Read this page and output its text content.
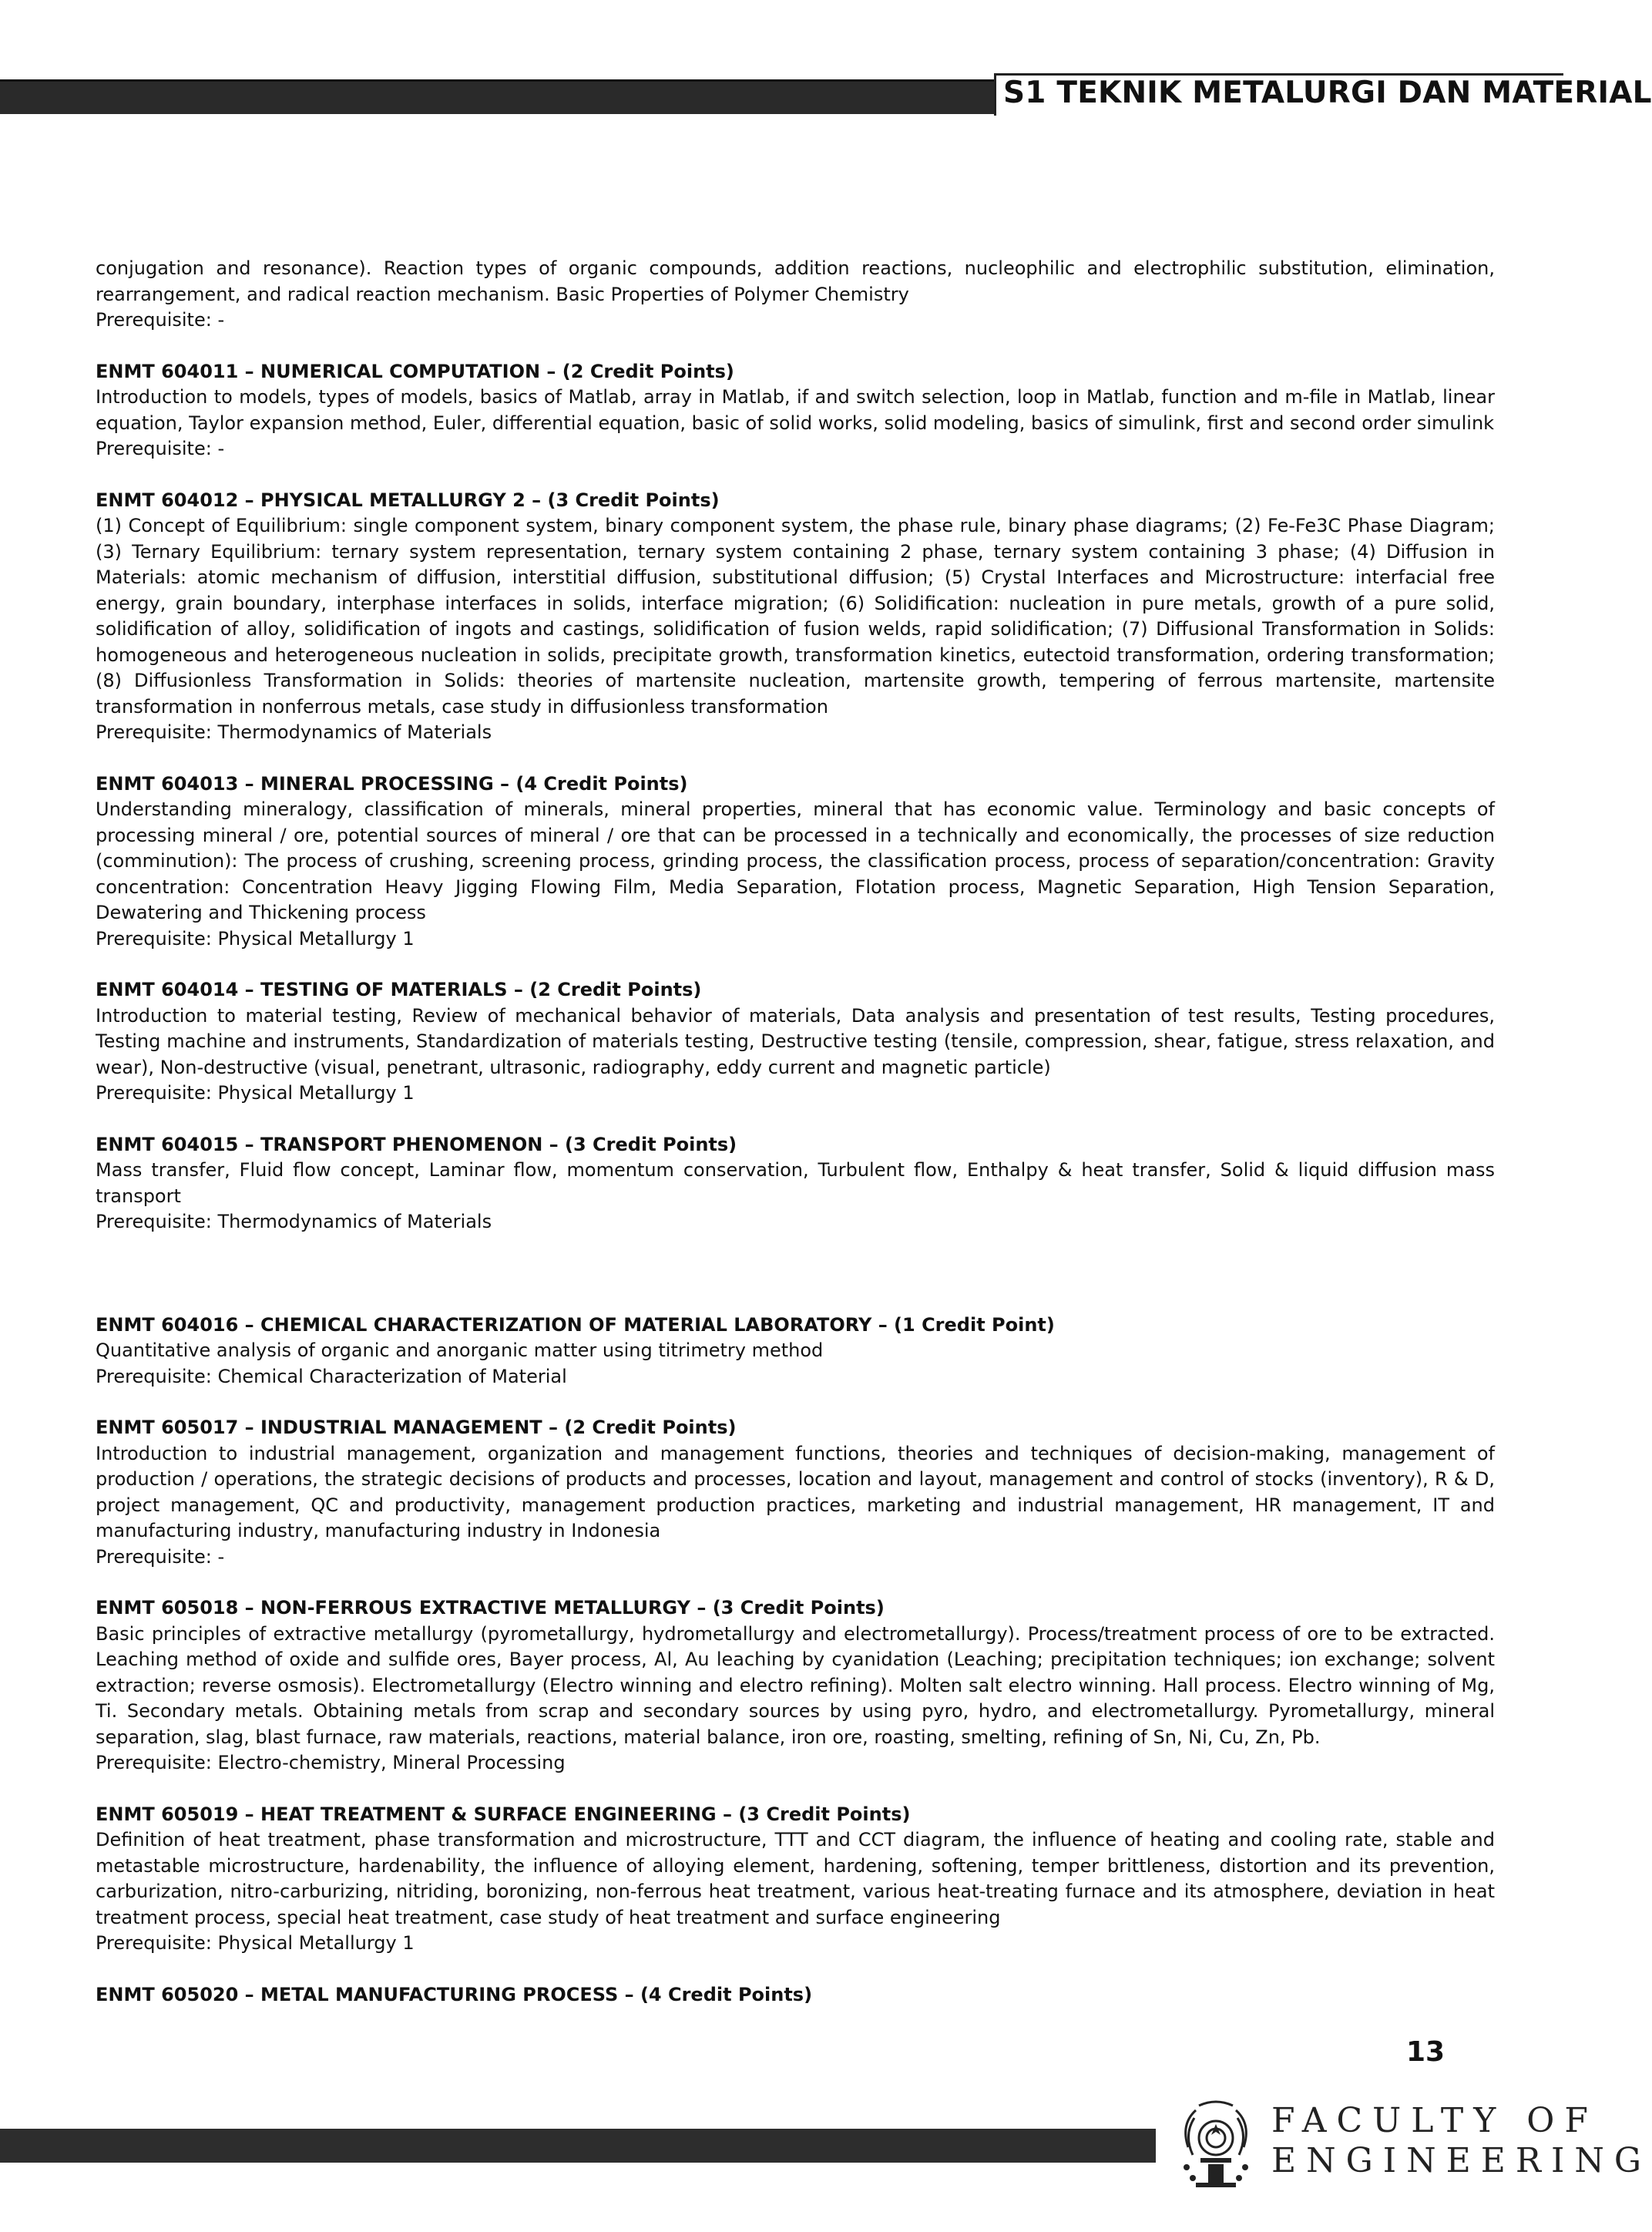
S1 TEKNIK METALURGI DAN MATERIAL

conjugation and resonance). Reaction types of organic compounds, addition reactions, nucleophilic and electrophilic substitution, elimination, rearrangement, and radical reaction mechanism. Basic Properties of Polymer Chemistry

Prerequisite: -

ENMT 604011 – NUMERICAL COMPUTATION – (2 Credit Points)

Introduction to models, types of models, basics of Matlab, array in Matlab, if and switch selection, loop in Matlab, function and m-file in Matlab, linear equation, Taylor expansion method, Euler, differential equation, basic of solid works, solid modeling, basics of simulink, first and second order simulink

Prerequisite: -

ENMT 604012 – PHYSICAL METALLURGY 2 – (3 Credit Points)

(1) Concept of Equilibrium: single component system, binary component system, the phase rule, binary phase diagrams; (2) Fe-Fe3C Phase Diagram; (3) Ternary Equilibrium: ternary system representation, ternary system containing 2 phase, ternary system containing 3 phase; (4) Diffusion in Materials: atomic mechanism of diffusion, interstitial diffusion, substitutional diffusion; (5) Crystal Interfaces and Microstructure: interfacial free energy, grain boundary, interphase interfaces in solids, interface migration; (6) Solidification: nucleation in pure metals, growth of a pure solid, solidification of alloy, solidification of ingots and castings, solidification of fusion welds, rapid solidification; (7) Diffusional Transformation in Solids: homogeneous and heterogeneous nucleation in solids, precipitate growth, transformation kinetics, eutectoid transformation, ordering transformation; (8) Diffusionless Transformation in Solids: theories of martensite nucleation, martensite growth, tempering of ferrous martensite, martensite transformation in nonferrous metals, case study in diffusionless transformation

Prerequisite: Thermodynamics of Materials

ENMT 604013 – MINERAL PROCESSING – (4 Credit Points)

Understanding mineralogy, classification of minerals, mineral properties, mineral that has economic value. Terminology and basic concepts of processing mineral / ore, potential sources of mineral / ore that can be processed in a technically and economically, the processes of size reduction (comminution): The process of crushing, screening process, grinding process, the classification process, process of separation/concentration: Gravity concentration: Concentration Heavy Jigging Flowing Film, Media Separation, Flotation process, Magnetic Separation, High Tension Separation, Dewatering and Thickening process

Prerequisite: Physical Metallurgy 1

ENMT 604014 – TESTING OF MATERIALS – (2 Credit Points)

Introduction to material testing, Review of mechanical behavior of materials, Data analysis and presentation of test results, Testing procedures, Testing machine and instruments, Standardization of materials testing, Destructive testing (tensile, compression, shear, fatigue, stress relaxation, and wear), Non-destructive (visual, penetrant, ultrasonic, radiography, eddy current and magnetic particle)

Prerequisite: Physical Metallurgy 1

ENMT 604015 – TRANSPORT PHENOMENON – (3 Credit Points)

Mass transfer, Fluid flow concept, Laminar flow, momentum conservation, Turbulent flow, Enthalpy & heat transfer, Solid & liquid diffusion mass transport

Prerequisite: Thermodynamics of Materials

ENMT 604016 – CHEMICAL CHARACTERIZATION OF MATERIAL LABORATORY – (1 Credit Point)

Quantitative analysis of organic and anorganic matter using titrimetry method

Prerequisite: Chemical Characterization of Material

ENMT 605017 – INDUSTRIAL MANAGEMENT – (2 Credit Points)

Introduction to industrial management, organization and management functions, theories and techniques of decision-making, management of production / operations, the strategic decisions of products and processes, location and layout, management and control of stocks (inventory), R & D, project management, QC and productivity, management production practices, marketing and industrial management, HR management, IT and manufacturing industry, manufacturing industry in Indonesia

Prerequisite: -

ENMT 605018 – NON-FERROUS EXTRACTIVE METALLURGY – (3 Credit Points)

Basic principles of extractive metallurgy (pyrometallurgy, hydrometallurgy and electrometallurgy). Process/treatment process of ore to be extracted. Leaching method of oxide and sulfide ores, Bayer process, Al, Au leaching by cyanidation (Leaching; precipitation techniques; ion exchange; solvent extraction; reverse osmosis). Electrometallurgy (Electro winning and electro refining). Molten salt electro winning. Hall process. Electro winning of Mg, Ti. Secondary metals. Obtaining metals from scrap and secondary sources by using pyro, hydro, and electrometallurgy. Pyrometallurgy, mineral separation, slag, blast furnace, raw materials, reactions, material balance, iron ore, roasting, smelting, refining of Sn, Ni, Cu, Zn, Pb.

Prerequisite: Electro-chemistry, Mineral Processing

ENMT 605019 – HEAT TREATMENT & SURFACE ENGINEERING – (3 Credit Points)

Definition of heat treatment, phase transformation and microstructure, TTT and CCT diagram, the influence of heating and cooling rate, stable and metastable microstructure, hardenability, the influence of alloying element, hardening, softening, temper brittleness, distortion and its prevention, carburization, nitro-carburizing, nitriding, boronizing, non-ferrous heat treatment, various heat-treating furnace and its atmosphere, deviation in heat treatment process, special heat treatment, case study of heat treatment and surface engineering

Prerequisite: Physical Metallurgy 1

ENMT 605020 – METAL MANUFACTURING PROCESS – (4 Credit Points)

13
FACULTY OF
ENGINEERING
